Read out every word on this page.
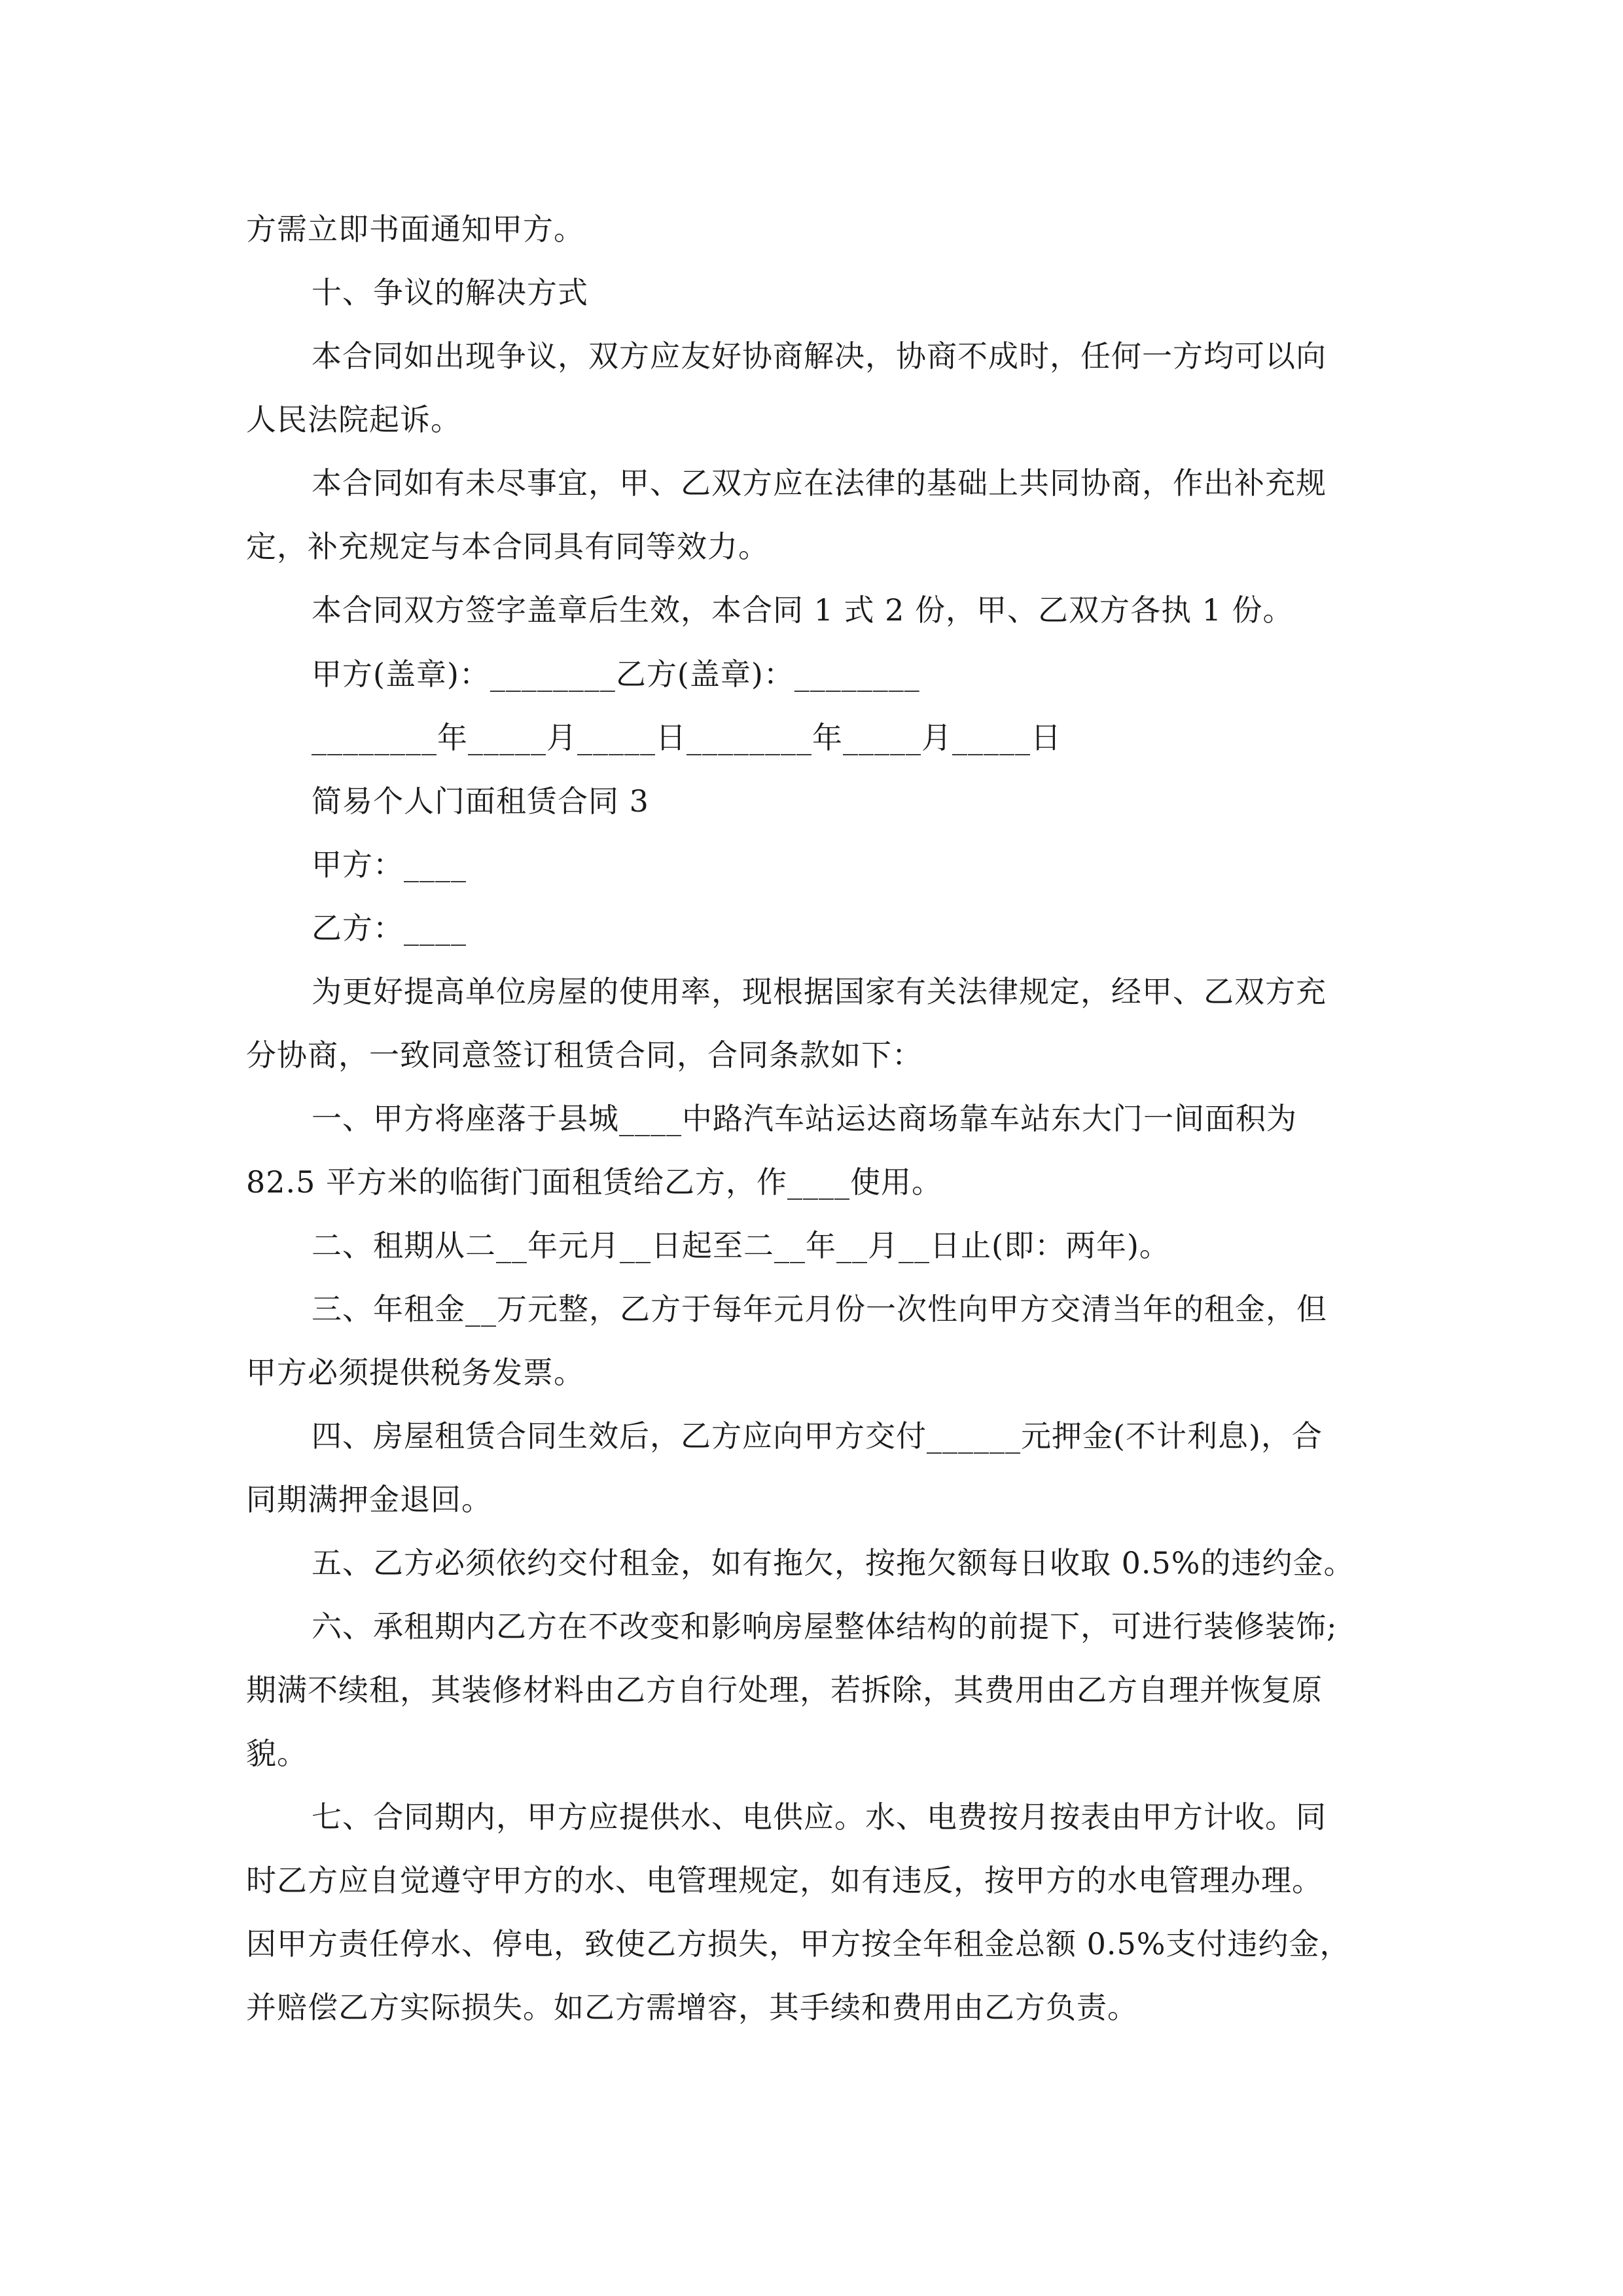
方需立即书面通知甲方。
十、争议的解决方式
本合同如出现争议，双方应友好协商解决，协商不成时，任何一方均可以向
人民法院起诉。
本合同如有未尽事宜，甲、乙双方应在法律的基础上共同协商，作出补充规
定，补充规定与本合同具有同等效力。
本合同双方签字盖章后生效，本合同 1 式 2 份，甲、乙双方各执 1 份。
甲方(盖章)：________乙方(盖章)：________
________年_____月_____日________年_____月_____日
简易个人门面租赁合同 3
甲方：____
乙方：____
为更好提高单位房屋的使用率，现根据国家有关法律规定，经甲、乙双方充
分协商，一致同意签订租赁合同，合同条款如下：
一、甲方将座落于县城____中路汽车站运达商场靠车站东大门一间面积为
82.5 平方米的临街门面租赁给乙方，作____使用。
二、租期从二__年元月__日起至二__年__月__日止(即：两年)。
三、年租金__万元整，乙方于每年元月份一次性向甲方交清当年的租金，但
甲方必须提供税务发票。
四、房屋租赁合同生效后，乙方应向甲方交付______元押金(不计利息)，合
同期满押金退回。
五、乙方必须依约交付租金，如有拖欠，按拖欠额每日收取 0.5%的违约金。
六、承租期内乙方在不改变和影响房屋整体结构的前提下，可进行装修装饰;
期满不续租，其装修材料由乙方自行处理，若拆除，其费用由乙方自理并恢复原
貌。
七、合同期内，甲方应提供水、电供应。水、电费按月按表由甲方计收。同
时乙方应自觉遵守甲方的水、电管理规定，如有违反，按甲方的水电管理办理。
因甲方责任停水、停电，致使乙方损失，甲方按全年租金总额 0.5%支付违约金，
并赔偿乙方实际损失。如乙方需增容，其手续和费用由乙方负责。
